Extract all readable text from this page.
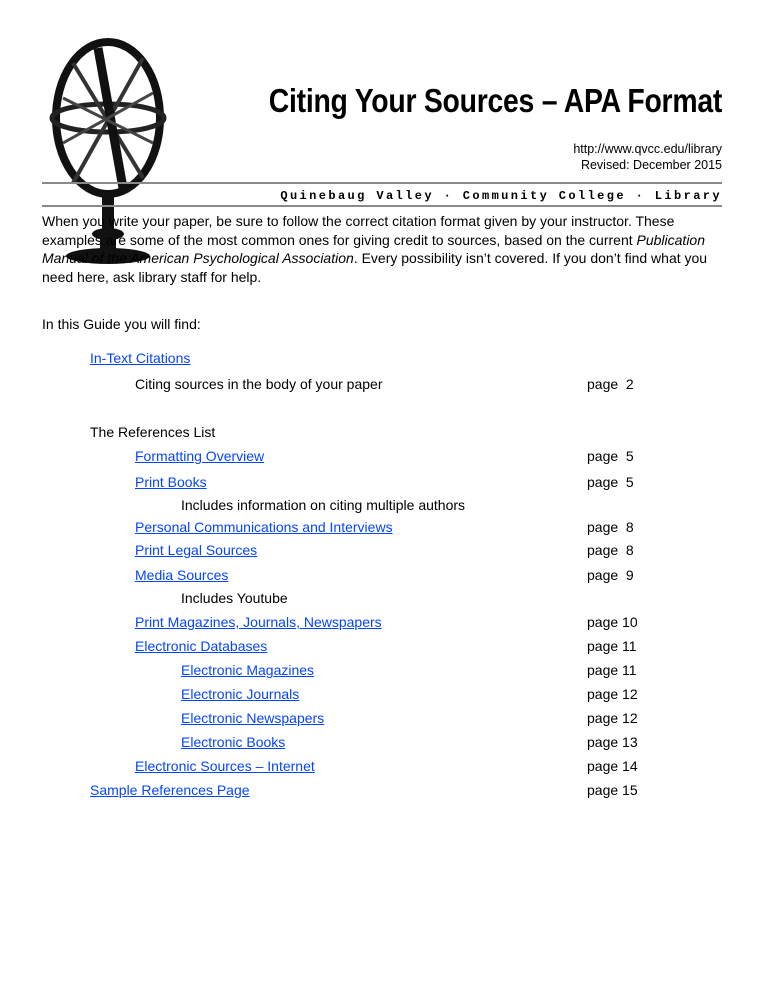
Citing Your Sources – APA Format
http://www.qvcc.edu/library
Revised: December 2015
Quinebaug Valley · Community College · Library
When you write your paper, be sure to follow the correct citation format given by your instructor. These examples are some of the most common ones for giving credit to sources, based on the current Publication Manual of the American Psychological Association. Every possibility isn’t covered. If you don’t find what you need here, ask library staff for help.
In this Guide you will find:
In-Text Citations
Citing sources in the body of your paper	page  2
The References List
Formatting Overview	page  5
Print Books	page  5
Includes information on citing multiple authors
Personal Communications and Interviews	page  8
Print Legal Sources	page  8
Media Sources	page  9
Includes Youtube
Print Magazines, Journals, Newspapers	page 10
Electronic Databases	page 11
Electronic Magazines	page 11
Electronic Journals	page 12
Electronic Newspapers	page 12
Electronic Books	page 13
Electronic Sources – Internet	page 14
Sample References Page	page 15
